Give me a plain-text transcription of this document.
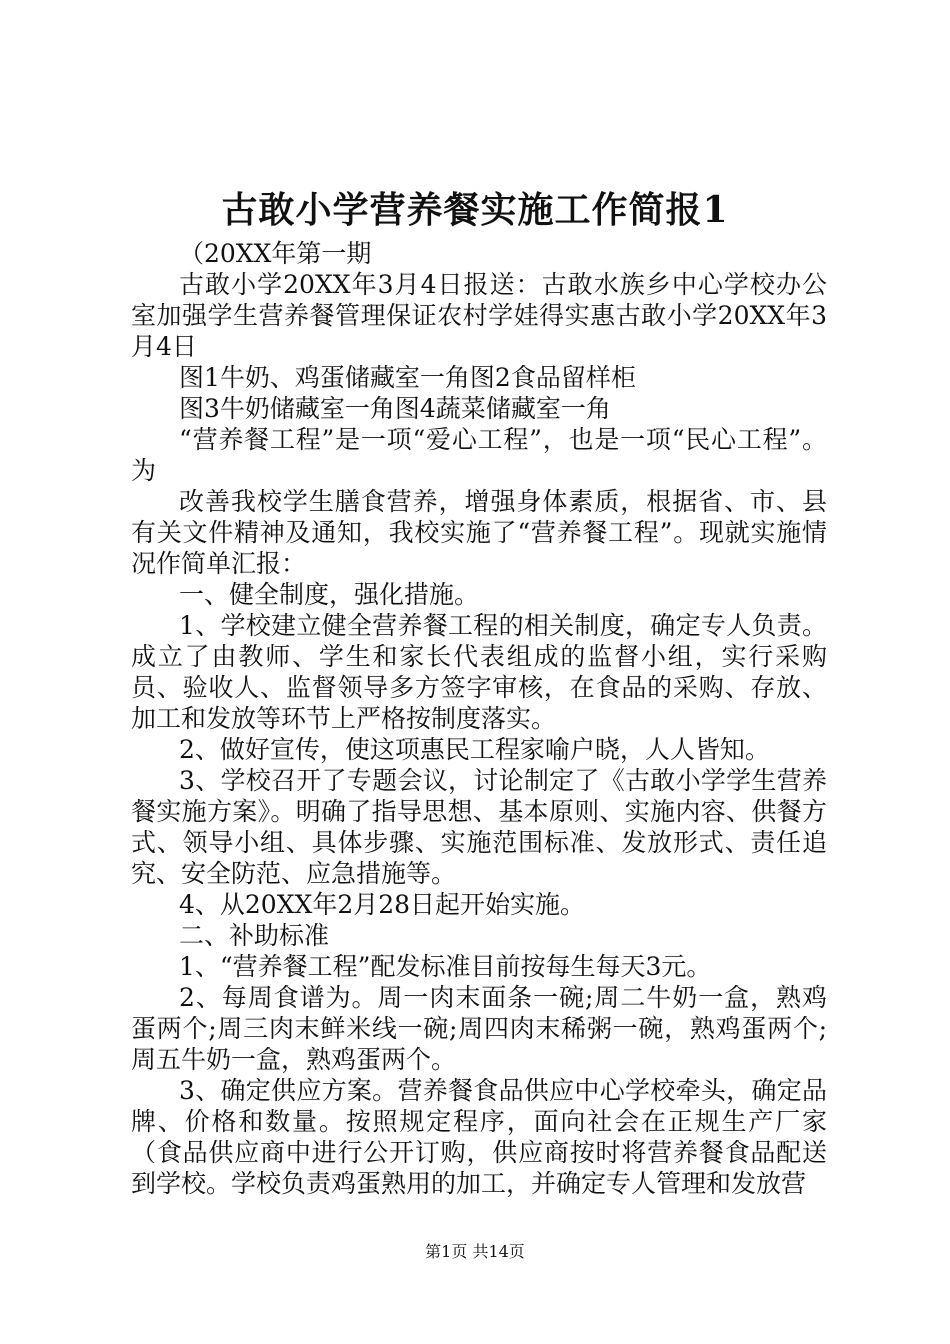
古敢小学营养餐实施工作简报1

（20XX年第一期

古敢小学20XX年3月4日报送：古敢水族乡中心学校办公室加强学生营养餐管理保证农村学娃得实惠古敢小学20XX年3月4日

图1牛奶、鸡蛋储藏室一角图2食品留样柜

图3牛奶储藏室一角图4蔬菜储藏室一角

“营养餐工程”是一项“爱心工程”，也是一项“民心工程”。为

改善我校学生膳食营养，增强身体素质，根据省、市、县有关文件精神及通知，我校实施了“营养餐工程”。现就实施情况作简单汇报：

一、健全制度，强化措施。

1、学校建立健全营养餐工程的相关制度，确定专人负责。成立了由教师、学生和家长代表组成的监督小组，实行采购员、验收人、监督领导多方签字审核，在食品的采购、存放、加工和发放等环节上严格按制度落实。

2、做好宣传，使这项惠民工程家喻户晓，人人皆知。

3、学校召开了专题会议，讨论制定了《古敢小学学生营养餐实施方案》。明确了指导思想、基本原则、实施内容、供餐方式、领导小组、具体步骤、实施范围标准、发放形式、责任追究、安全防范、应急措施等。

4、从20XX年2月28日起开始实施。

二、补助标准

1、“营养餐工程”配发标准目前按每生每天3元。

2、每周食谱为。周一肉末面条一碗;周二牛奶一盒，熟鸡蛋两个;周三肉末鲜米线一碗;周四肉末稀粥一碗，熟鸡蛋两个;周五牛奶一盒，熟鸡蛋两个。

3、确定供应方案。营养餐食品供应中心学校牵头，确定品牌、价格和数量。按照规定程序，面向社会在正规生产厂家（食品供应商中进行公开订购，供应商按时将营养餐食品配送到学校。学校负责鸡蛋熟用的加工，并确定专人管理和发放营

第1页 共14页
